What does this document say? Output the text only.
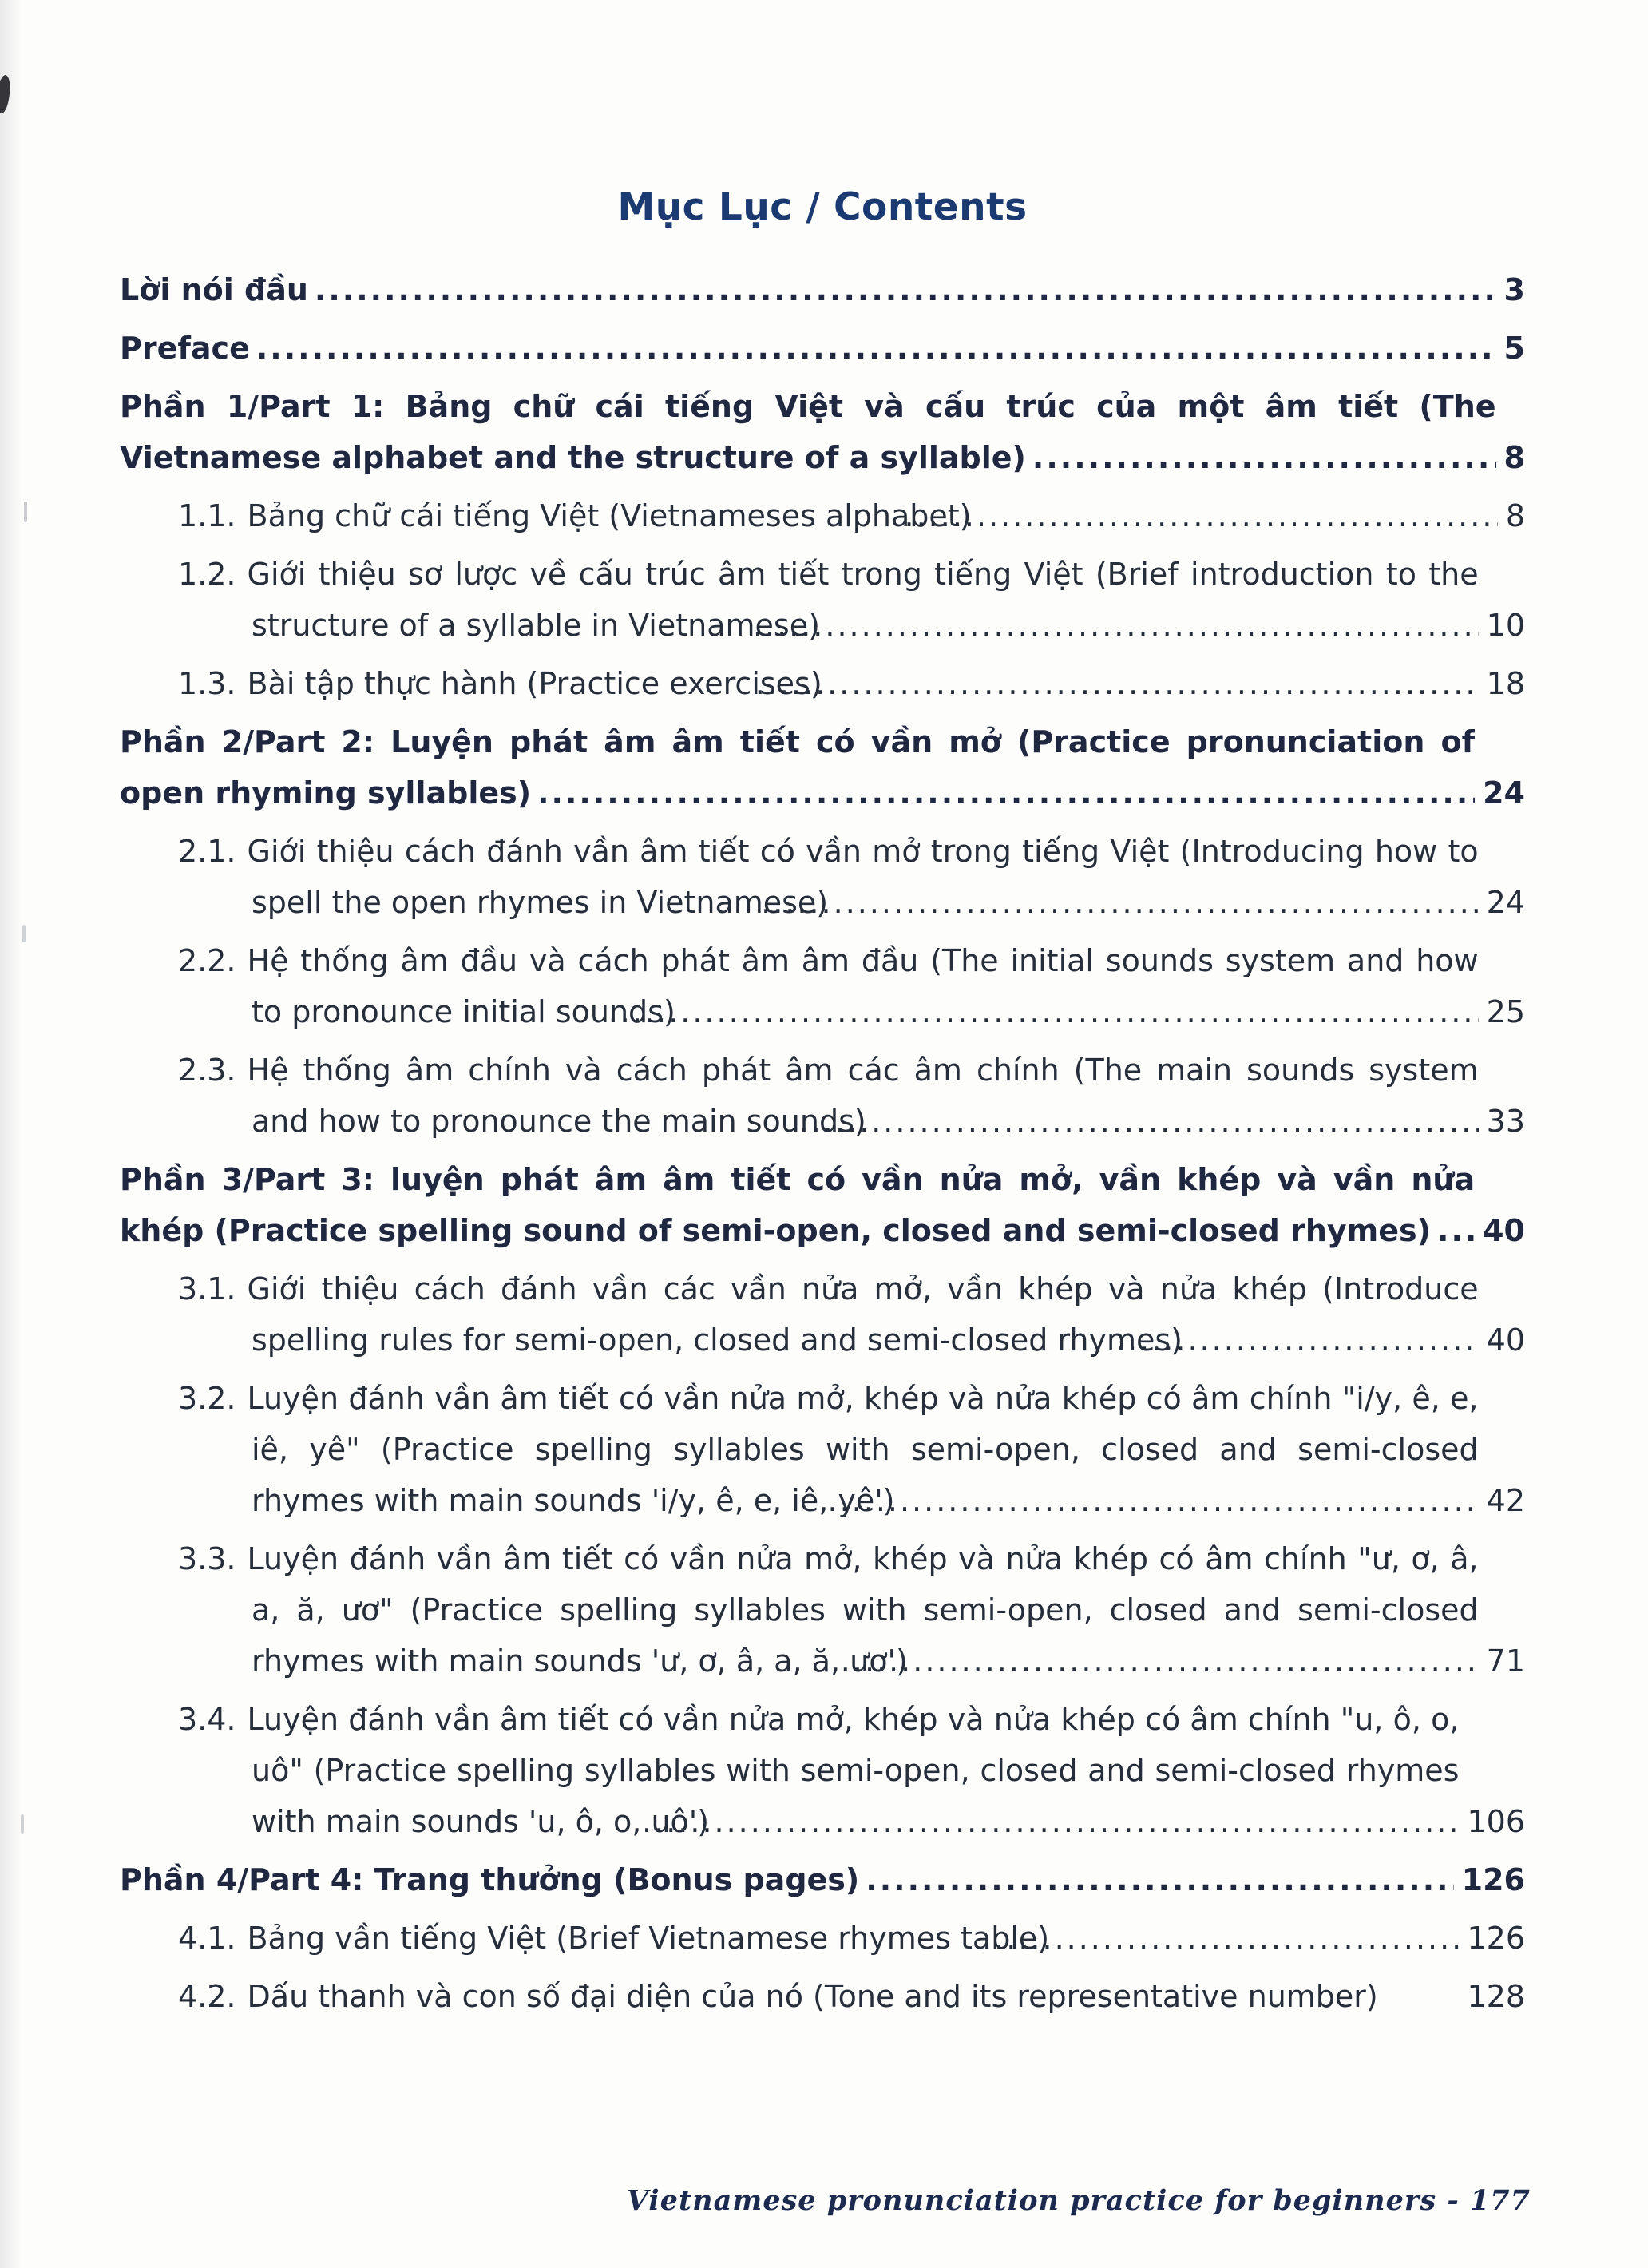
Mục Lục / Contents
Lời nói đầu .....	3
Preface .....	5
Phần 1/Part 1: Bảng chữ cái tiếng Việt và cấu trúc của một âm tiết (The Vietnamese alphabet and the structure of a syllable) .....	8
1.1. Bảng chữ cái tiếng Việt (Vietnameses alphabet) .....	8
1.2. Giới thiệu sơ lược về cấu trúc âm tiết trong tiếng Việt (Brief introduction to the structure of a syllable in Vietnamese) .....	10
1.3. Bài tập thực hành (Practice exercises) .....	18
Phần 2/Part 2: Luyện phát âm âm tiết có vần mở (Practice pronunciation of open rhyming syllables) .....	24
2.1. Giới thiệu cách đánh vần âm tiết có vần mở trong tiếng Việt (Introducing how to spell the open rhymes in Vietnamese) .....	24
2.2. Hệ thống âm đầu và cách phát âm âm đầu (The initial sounds system and how to pronounce initial sounds) .....	25
2.3. Hệ thống âm chính và cách phát âm các âm chính (The main sounds system and how to pronounce the main sounds) .....	33
Phần 3/Part 3: luyện phát âm âm tiết có vần nửa mở, vần khép và vần nửa khép (Practice spelling sound of semi-open, closed and semi-closed rhymes) .....	40
3.1. Giới thiệu cách đánh vần các vần nửa mở, vần khép và nửa khép (Introduce spelling rules for semi-open, closed and semi-closed rhymes) .....	40
3.2. Luyện đánh vần âm tiết có vần nửa mở, khép và nửa khép có âm chính "i/y, ê, e, iê, yê" (Practice spelling syllables with semi-open, closed and semi-closed rhymes with main sounds 'i/y, ê, e, iê, yê') .....	42
3.3. Luyện đánh vần âm tiết có vần nửa mở, khép và nửa khép có âm chính "ư, ơ, â, a, ă, ươ" (Practice spelling syllables with semi-open, closed and semi-closed rhymes with main sounds 'ư, ơ, â, a, ă, ươ') .....	71
3.4. Luyện đánh vần âm tiết có vần nửa mở, khép và nửa khép có âm chính "u, ô, o, uô" (Practice spelling syllables with semi-open, closed and semi-closed rhymes with main sounds 'u, ô, o, uô') .....	106
Phần 4/Part 4: Trang thưởng (Bonus pages) .....	126
4.1. Bảng vần tiếng Việt (Brief Vietnamese rhymes table) .....	126
4.2. Dấu thanh và con số đại diện của nó (Tone and its representative number)	128
Vietnamese pronunciation practice for beginners - 177
